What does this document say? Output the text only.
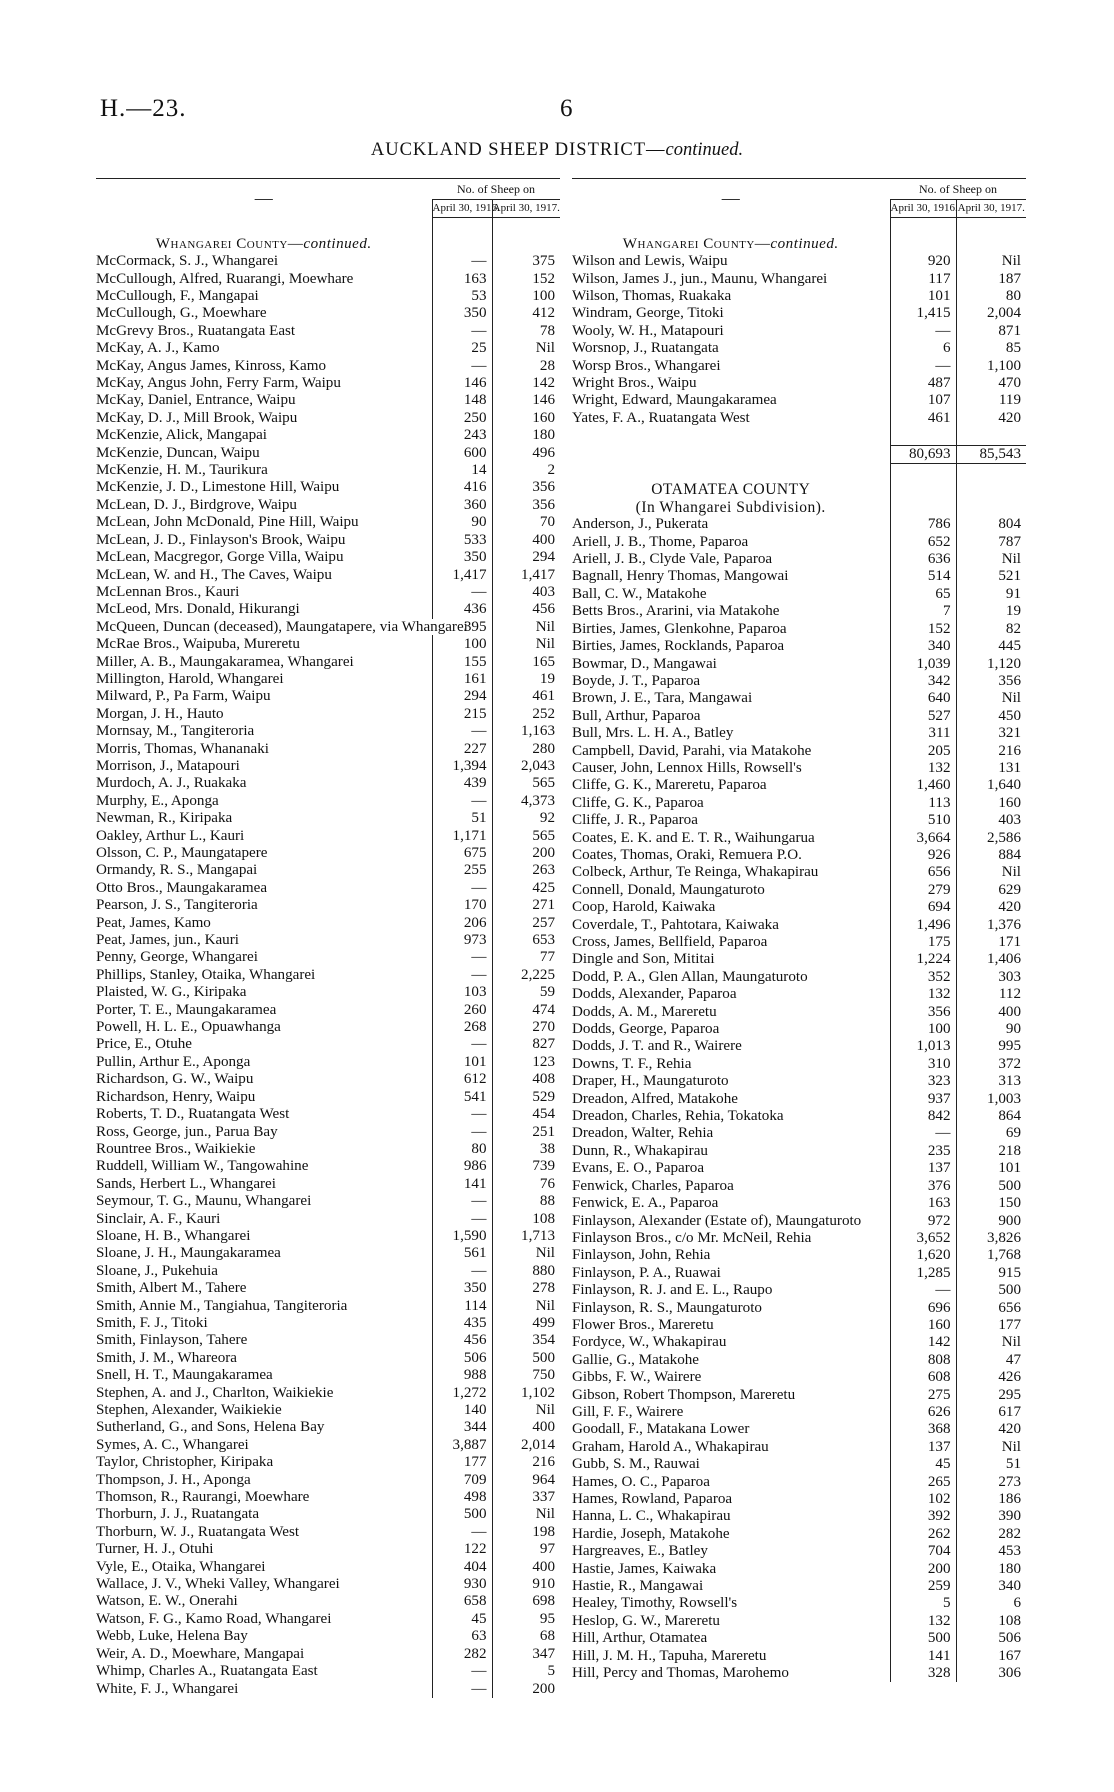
H.—23.	6
AUCKLAND SHEEP DISTRICT—continued.
—	No. of Sheep on	
	April 30, 1916.	April 30, 1917.

Whangarei County—continued.		
McCormack, S. J., Whangarei	—	375
McCullough, Alfred, Ruarangi, Moewhare	163	152
McCullough, F., Mangapai	53	100
McCullough, G., Moewhare	350	412
McGrevy Bros., Ruatangata East	—	78
McKay, A. J., Kamo	25	Nil
McKay, Angus James, Kinross, Kamo	—	28
McKay, Angus John, Ferry Farm, Waipu	146	142
McKay, Daniel, Entrance, Waipu	148	146
McKay, D. J., Mill Brook, Waipu	250	160
McKenzie, Alick, Mangapai	243	180
McKenzie, Duncan, Waipu	600	496
McKenzie, H. M., Taurikura	14	2
McKenzie, J. D., Limestone Hill, Waipu	416	356
McLean, D. J., Birdgrove, Waipu	360	356
McLean, John McDonald, Pine Hill, Waipu	90	70
McLean, J. D., Finlayson's Brook, Waipu	533	400
McLean, Macgregor, Gorge Villa, Waipu	350	294
McLean, W. and H., The Caves, Waipu	1,417	1,417
McLennan Bros., Kauri	—	403
McLeod, Mrs. Donald, Hikurangi	436	456
McQueen, Duncan (deceased), Maungatapere, via Whangarei	395	Nil
McRae Bros., Waipuba, Mureretu	100	Nil
Miller, A. B., Maungakaramea, Whangarei	155	165
Millington, Harold, Whangarei	161	19
Milward, P., Pa Farm, Waipu	294	461
Morgan, J. H., Hauto	215	252
Mornsay, M., Tangiteroria	—	1,163
Morris, Thomas, Whananaki	227	280
Morrison, J., Matapouri	1,394	2,043
Murdoch, A. J., Ruakaka	439	565
Murphy, E., Aponga	—	4,373
Newman, R., Kiripaka	51	92
Oakley, Arthur L., Kauri	1,171	565
Olsson, C. P., Maungatapere	675	200
Ormandy, R. S., Mangapai	255	263
Otto Bros., Maungakaramea	—	425
Pearson, J. S., Tangiteroria	170	271
Peat, James, Kamo	206	257
Peat, James, jun., Kauri	973	653
Penny, George, Whangarei	—	77
Phillips, Stanley, Otaika, Whangarei	—	2,225
Plaisted, W. G., Kiripaka	103	59
Porter, T. E., Maungakaramea	260	474
Powell, H. L. E., Opuawhanga	268	270
Price, E., Otuhe	—	827
Pullin, Arthur E., Aponga	101	123
Richardson, G. W., Waipu	612	408
Richardson, Henry, Waipu	541	529
Roberts, T. D., Ruatangata West	—	454
Ross, George, jun., Parua Bay	—	251
Rountree Bros., Waikiekie	80	38
Ruddell, William W., Tangowahine	986	739
Sands, Herbert L., Whangarei	141	76
Seymour, T. G., Maunu, Whangarei	—	88
Sinclair, A. F., Kauri	—	108
Sloane, H. B., Whangarei	1,590	1,713
Sloane, J. H., Maungakaramea	561	Nil
Sloane, J., Pukehuia	—	880
Smith, Albert M., Tahere	350	278
Smith, Annie M., Tangiahua, Tangiteroria	114	Nil
Smith, F. J., Titoki	435	499
Smith, Finlayson, Tahere	456	354
Smith, J. M., Whareora	506	500
Snell, H. T., Maungakaramea	988	750
Stephen, A. and J., Charlton, Waikiekie	1,272	1,102
Stephen, Alexander, Waikiekie	140	Nil
Sutherland, G., and Sons, Helena Bay	344	400
Symes, A. C., Whangarei	3,887	2,014
Taylor, Christopher, Kiripaka	177	216
Thompson, J. H., Aponga	709	964
Thomson, R., Raurangi, Moewhare	498	337
Thorburn, J. J., Ruatangata	500	Nil
Thorburn, W. J., Ruatangata West	—	198
Turner, H. J., Otuhi	122	97
Vyle, E., Otaika, Whangarei	404	400
Wallace, J. V., Wheki Valley, Whangarei	930	910
Watson, E. W., Onerahi	658	698
Watson, F. G., Kamo Road, Whangarei	45	95
Webb, Luke, Helena Bay	63	68
Weir, A. D., Moewhare, Mangapai	282	347
Whimp, Charles A., Ruatangata East	—	5
White, F. J., Whangarei	—	200
—	No. of Sheep on	
	April 30, 1916.	April 30, 1917.

Whangarei County—continued.		
Wilson and Lewis, Waipu	920	Nil
Wilson, James J., jun., Maunu, Whangarei	117	187
Wilson, Thomas, Ruakaka	101	80
Windram, George, Titoki	1,415	2,004
Wooly, W. H., Matapouri	—	871
Worsnop, J., Ruatangata	6	85
Worsp Bros., Whangarei	—	1,100
Wright Bros., Waipu	487	470
Wright, Edward, Maungakaramea	107	119
Yates, F. A., Ruatangata West	461	420

	80,693	85,543

OTAMATEA COUNTY		
(In Whangarei Subdivision).		
Anderson, J., Pukerata	786	804
Ariell, J. B., Thome, Paparoa	652	787
Ariell, J. B., Clyde Vale, Paparoa	636	Nil
Bagnall, Henry Thomas, Mangowai	514	521
Ball, C. W., Matakohe	65	91
Betts Bros., Ararini, via Matakohe	7	19
Birties, James, Glenkohne, Paparoa	152	82
Birties, James, Rocklands, Paparoa	340	445
Bowmar, D., Mangawai	1,039	1,120
Boyde, J. T., Paparoa	342	356
Brown, J. E., Tara, Mangawai	640	Nil
Bull, Arthur, Paparoa	527	450
Bull, Mrs. L. H. A., Batley	311	321
Campbell, David, Parahi, via Matakohe	205	216
Causer, John, Lennox Hills, Rowsell's	132	131
Cliffe, G. K., Mareretu, Paparoa	1,460	1,640
Cliffe, G. K., Paparoa	113	160
Cliffe, J. R., Paparoa	510	403
Coates, E. K. and E. T. R., Waihungarua	3,664	2,586
Coates, Thomas, Oraki, Remuera P.O.	926	884
Colbeck, Arthur, Te Reinga, Whakapirau	656	Nil
Connell, Donald, Maungaturoto	279	629
Coop, Harold, Kaiwaka	694	420
Coverdale, T., Pahtotara, Kaiwaka	1,496	1,376
Cross, James, Bellfield, Paparoa	175	171
Dingle and Son, Mititai	1,224	1,406
Dodd, P. A., Glen Allan, Maungaturoto	352	303
Dodds, Alexander, Paparoa	132	112
Dodds, A. M., Mareretu	356	400
Dodds, George, Paparoa	100	90
Dodds, J. T. and R., Wairere	1,013	995
Downs, T. F., Rehia	310	372
Draper, H., Maungaturoto	323	313
Dreadon, Alfred, Matakohe	937	1,003
Dreadon, Charles, Rehia, Tokatoka	842	864
Dreadon, Walter, Rehia	—	69
Dunn, R., Whakapirau	235	218
Evans, E. O., Paparoa	137	101
Fenwick, Charles, Paparoa	376	500
Fenwick, E. A., Paparoa	163	150
Finlayson, Alexander (Estate of), Maungaturoto	972	900
Finlayson Bros., c/o Mr. McNeil, Rehia	3,652	3,826
Finlayson, John, Rehia	1,620	1,768
Finlayson, P. A., Ruawai	1,285	915
Finlayson, R. J. and E. L., Raupo	—	500
Finlayson, R. S., Maungaturoto	696	656
Flower Bros., Mareretu	160	177
Fordyce, W., Whakapirau	142	Nil
Gallie, G., Matakohe	808	47
Gibbs, F. W., Wairere	608	426
Gibson, Robert Thompson, Mareretu	275	295
Gill, F. F., Wairere	626	617
Goodall, F., Matakana Lower	368	420
Graham, Harold A., Whakapirau	137	Nil
Gubb, S. M., Rauwai	45	51
Hames, O. C., Paparoa	265	273
Hames, Rowland, Paparoa	102	186
Hanna, L. C., Whakapirau	392	390
Hardie, Joseph, Matakohe	262	282
Hargreaves, E., Batley	704	453
Hastie, James, Kaiwaka	200	180
Hastie, R., Mangawai	259	340
Healey, Timothy, Rowsell's	5	6
Heslop, G. W., Mareretu	132	108
Hill, Arthur, Otamatea	500	506
Hill, J. M. H., Tapuha, Mareretu	141	167
Hill, Percy and Thomas, Marohemo	328	306
